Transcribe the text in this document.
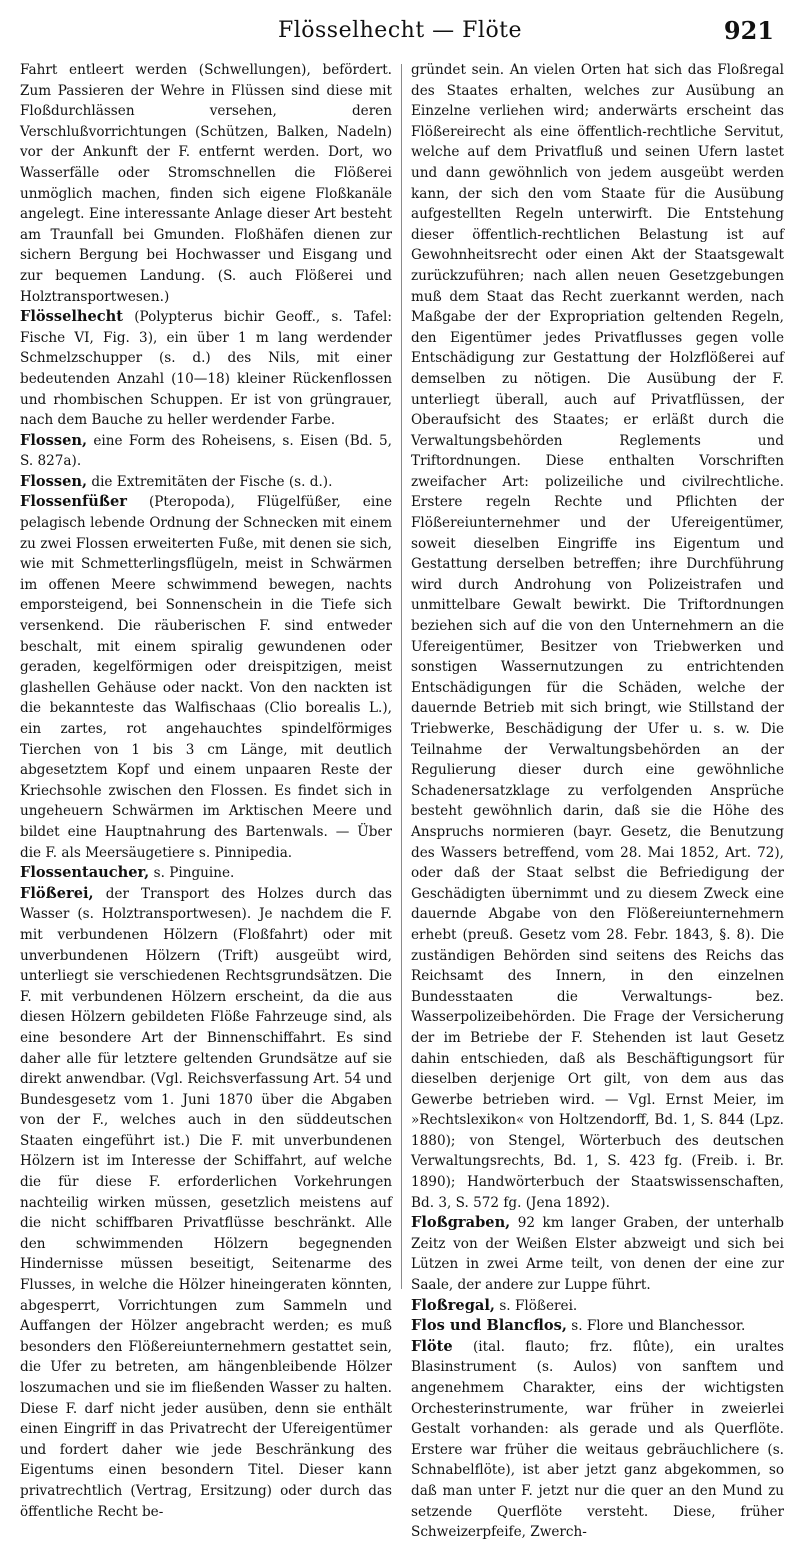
Flösselhecht — Flöte	921

Fahrt entleert werden (Schwellungen), befördert. Zum Passieren der Wehre in Flüssen sind diese mit Floßdurchlässen versehen, deren Verschlußvorrichtungen (Schützen, Balken, Nadeln) vor der Ankunft der F. entfernt werden. Dort, wo Wasserfälle oder Stromschnellen die Flößerei unmöglich machen, finden sich eigene Floßkanäle angelegt. Eine interessante Anlage dieser Art besteht am Traunfall bei Gmunden. Floßhäfen dienen zur sichern Bergung bei Hochwasser und Eisgang und zur bequemen Landung. (S. auch Flößerei und Holztransportwesen.)

Flösselhecht (Polypterus bichir Geoff., s. Tafel: Fische VI, Fig. 3), ein über 1 m lang werdender Schmelzschupper (s. d.) des Nils, mit einer bedeutenden Anzahl (10—18) kleiner Rückenflossen und rhombischen Schuppen. Er ist von grüngrauer, nach dem Bauche zu heller werdender Farbe.

Flossen, eine Form des Roheisens, s. Eisen (Bd. 5, S. 827a).

Flossen, die Extremitäten der Fische (s. d.).

Flossenfüßer (Pteropoda), Flügelfüßer, eine pelagisch lebende Ordnung der Schnecken mit einem zu zwei Flossen erweiterten Fuße, mit denen sie sich, wie mit Schmetterlingsflügeln, meist in Schwärmen im offenen Meere schwimmend bewegen, nachts emporsteigend, bei Sonnenschein in die Tiefe sich versenkend. Die räuberischen F. sind entweder beschalt, mit einem spiralig gewundenen oder geraden, kegelförmigen oder dreispitzigen, meist glashellen Gehäuse oder nackt. Von den nackten ist die bekannteste das Walfischaas (Clio borealis L.), ein zartes, rot angehauchtes spindelförmiges Tierchen von 1 bis 3 cm Länge, mit deutlich abgesetztem Kopf und einem unpaaren Reste der Kriechsohle zwischen den Flossen. Es findet sich in ungeheuern Schwärmen im Arktischen Meere und bildet eine Hauptnahrung des Bartenwals. — Über die F. als Meersäugetiere s. Pinnipedia.

Flossentaucher, s. Pinguine.

Flößerei, der Transport des Holzes durch das Wasser (s. Holztransportwesen). Je nachdem die F. mit verbundenen Hölzern (Floßfahrt) oder mit unverbundenen Hölzern (Trift) ausgeübt wird, unterliegt sie verschiedenen Rechtsgrundsätzen. Die F. mit verbundenen Hölzern erscheint, da die aus diesen Hölzern gebildeten Flöße Fahrzeuge sind, als eine besondere Art der Binnenschiffahrt. Es sind daher alle für letztere geltenden Grundsätze auf sie direkt anwendbar. (Vgl. Reichsverfassung Art. 54 und Bundesgesetz vom 1. Juni 1870 über die Abgaben von der F., welches auch in den süddeutschen Staaten eingeführt ist.) Die F. mit unverbundenen Hölzern ist im Interesse der Schiffahrt, auf welche die für diese F. erforderlichen Vorkehrungen nachteilig wirken müssen, gesetzlich meistens auf die nicht schiffbaren Privatflüsse beschränkt. Alle den schwimmenden Hölzern begegnenden Hindernisse müssen beseitigt, Seitenarme des Flusses, in welche die Hölzer hineingeraten könnten, abgesperrt, Vorrichtungen zum Sammeln und Auffangen der Hölzer angebracht werden; es muß besonders den Flößereiunternehmern gestattet sein, die Ufer zu betreten, am hängenbleibende Hölzer loszumachen und sie im fließenden Wasser zu halten. Diese F. darf nicht jeder ausüben, denn sie enthält einen Eingriff in das Privatrecht der Ufereigentümer und fordert daher wie jede Beschränkung des Eigentums einen besondern Titel. Dieser kann privatrechtlich (Vertrag, Ersitzung) oder durch das öffentliche Recht be-

gründet sein. An vielen Orten hat sich das Floßregal des Staates erhalten, welches zur Ausübung an Einzelne verliehen wird; anderwärts erscheint das Flößereirecht als eine öffentlich-rechtliche Servitut, welche auf dem Privatfluß und seinen Ufern lastet und dann gewöhnlich von jedem ausgeübt werden kann, der sich den vom Staate für die Ausübung aufgestellten Regeln unterwirft. Die Entstehung dieser öffentlich-rechtlichen Belastung ist auf Gewohnheitsrecht oder einen Akt der Staatsgewalt zurückzuführen; nach allen neuen Gesetzgebungen muß dem Staat das Recht zuerkannt werden, nach Maßgabe der der Expropriation geltenden Regeln, den Eigentümer jedes Privatflusses gegen volle Entschädigung zur Gestattung der Holzflößerei auf demselben zu nötigen. Die Ausübung der F. unterliegt überall, auch auf Privatflüssen, der Oberaufsicht des Staates; er erläßt durch die Verwaltungsbehörden Reglements und Triftordnungen. Diese enthalten Vorschriften zweifacher Art: polizeiliche und civilrechtliche. Erstere regeln Rechte und Pflichten der Flößereiunternehmer und der Ufereigentümer, soweit dieselben Eingriffe ins Eigentum und Gestattung derselben betreffen; ihre Durchführung wird durch Androhung von Polizeistrafen und unmittelbare Gewalt bewirkt. Die Triftordnungen beziehen sich auf die von den Unternehmern an die Ufereigentümer, Besitzer von Triebwerken und sonstigen Wassernutzungen zu entrichtenden Entschädigungen für die Schäden, welche der dauernde Betrieb mit sich bringt, wie Stillstand der Triebwerke, Beschädigung der Ufer u. s. w. Die Teilnahme der Verwaltungsbehörden an der Regulierung dieser durch eine gewöhnliche Schadenersatzklage zu verfolgenden Ansprüche besteht gewöhnlich darin, daß sie die Höhe des Anspruchs normieren (bayr. Gesetz, die Benutzung des Wassers betreffend, vom 28. Mai 1852, Art. 72), oder daß der Staat selbst die Befriedigung der Geschädigten übernimmt und zu diesem Zweck eine dauernde Abgabe von den Flößereiunternehmern erhebt (preuß. Gesetz vom 28. Febr. 1843, §. 8). Die zuständigen Behörden sind seitens des Reichs das Reichsamt des Innern, in den einzelnen Bundesstaaten die Verwaltungs- bez. Wasserpolizeibehörden. Die Frage der Versicherung der im Betriebe der F. Stehenden ist laut Gesetz dahin entschieden, daß als Beschäftigungsort für dieselben derjenige Ort gilt, von dem aus das Gewerbe betrieben wird. — Vgl. Ernst Meier, im »Rechtslexikon« von Holtzendorff, Bd. 1, S. 844 (Lpz. 1880); von Stengel, Wörterbuch des deutschen Verwaltungsrechts, Bd. 1, S. 423 fg. (Freib. i. Br. 1890); Handwörterbuch der Staatswissenschaften, Bd. 3, S. 572 fg. (Jena 1892).

Floßgraben, 92 km langer Graben, der unterhalb Zeitz von der Weißen Elster abzweigt und sich bei Lützen in zwei Arme teilt, von denen der eine zur Saale, der andere zur Luppe führt.

Floßregal, s. Flößerei.

Flos und Blancflos, s. Flore und Blanchessor.

Flöte (ital. flauto; frz. flûte), ein uraltes Blasinstrument (s. Aulos) von sanftem und angenehmem Charakter, eins der wichtigsten Orchesterinstrumente, war früher in zweierlei Gestalt vorhanden: als gerade und als Querflöte. Erstere war früher die weitaus gebräuchlichere (s. Schnabelflöte), ist aber jetzt ganz abgekommen, so daß man unter F. jetzt nur die quer an den Mund zu setzende Querflöte versteht. Diese, früher Schweizerpfeife, Zwerch-
